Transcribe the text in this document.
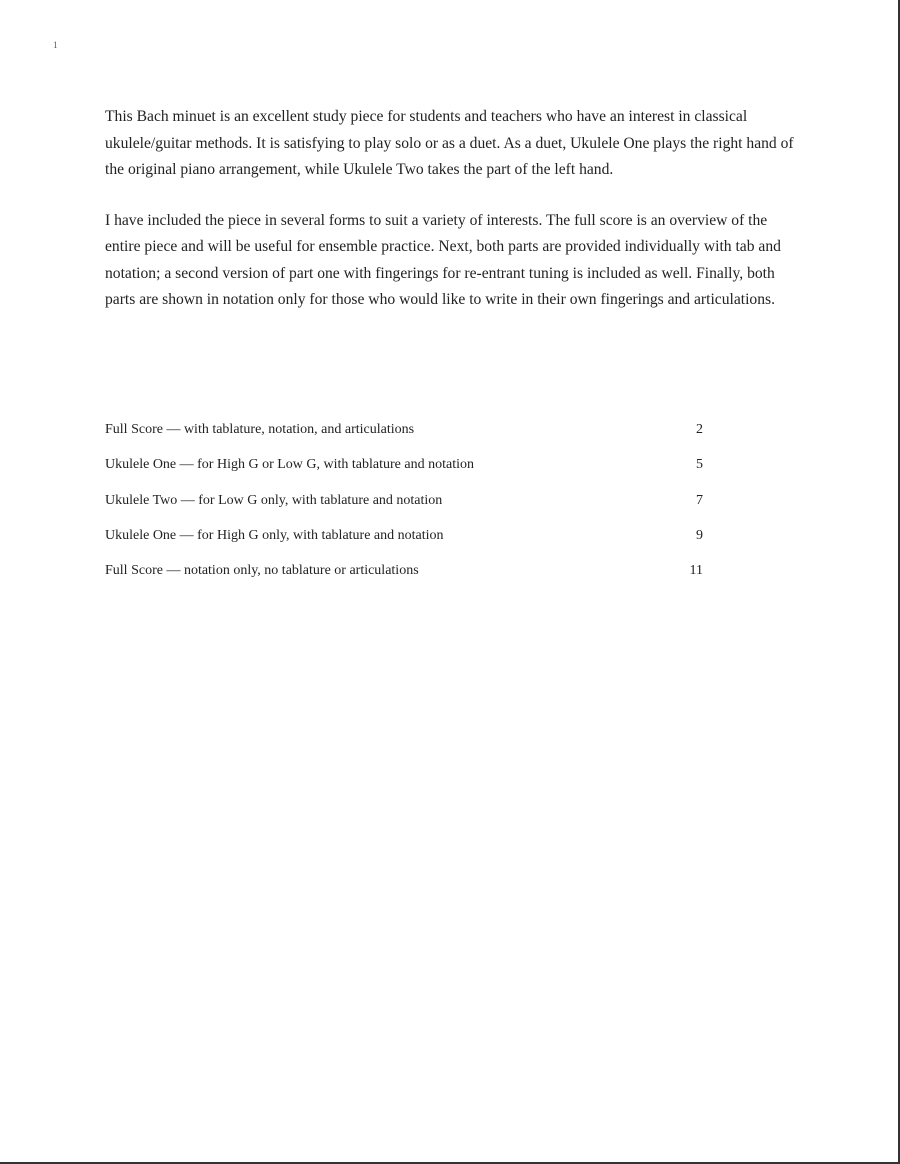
1

This Bach minuet is an excellent study piece for students and teachers who have an interest in classical ukulele/guitar methods. It is satisfying to play solo or as a duet. As a duet, Ukulele One plays the right hand of the original piano arrangement, while Ukulele Two takes the part of the left hand.

I have included the piece in several forms to suit a variety of interests. The full score is an overview of the entire piece and will be useful for ensemble practice. Next, both parts are provided individually with tab and notation; a second version of part one with fingerings for re-entrant tuning is included as well. Finally, both parts are shown in notation only for those who would like to write in their own fingerings and articulations.

Full Score — with tablature, notation, and articulations	2
Ukulele One — for High G or Low G, with tablature and notation	5
Ukulele Two — for Low G only, with tablature and notation	7
Ukulele One — for High G only, with tablature and notation	9
Full Score — notation only, no tablature or articulations	11
